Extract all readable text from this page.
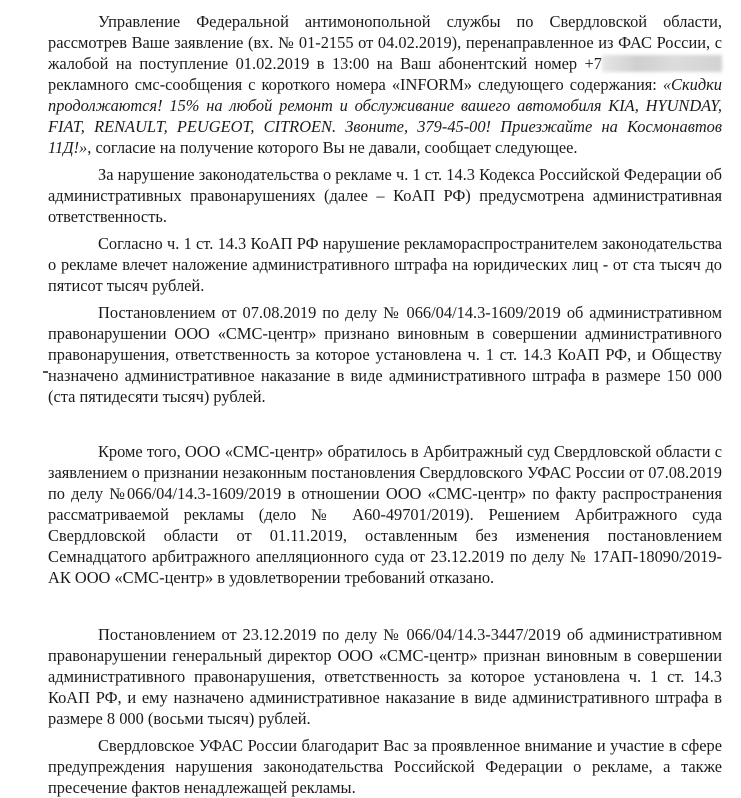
Управление Федеральной антимонопольной службы по Свердловской области, рассмотрев Ваше заявление (вх. № 01-2155 от 04.02.2019), перенаправленное из ФАС России, с жалобой на поступление 01.02.2019 в 13:00 на Ваш абонентский номер +7 рекламного смс-сообщения с короткого номера «INFORM» следующего содержания: «Скидки продолжаются! 15% на любой ремонт и обслуживание вашего автомобиля KIA, HYUNDAY, FIAT, RENAULT, PEUGEOT, CITROEN. Звоните, 379-45-00! Приезжайте на Космонавтов 11Д!», согласие на получение которого Вы не давали, сообщает следующее.

За нарушение законодательства о рекламе ч. 1 ст. 14.3 Кодекса Российской Федерации об административных правонарушениях (далее – КоАП РФ) предусмотрена административная ответственность.

Согласно ч. 1 ст. 14.3 КоАП РФ нарушение рекламораспространителем законодательства о рекламе влечет наложение административного штрафа на юридических лиц - от ста тысяч до пятисот тысяч рублей.

Постановлением от 07.08.2019 по делу № 066/04/14.3-1609/2019 об административном правонарушении ООО «СМС-центр» признано виновным в совершении административного правонарушения, ответственность за которое установлена ч. 1 ст. 14.3 КоАП РФ, и Обществу назначено административное наказание в виде административного штрафа в размере 150 000 (ста пятидесяти тысяч) рублей.

Кроме того, ООО «СМС-центр» обратилось в Арбитражный суд Свердловской области с заявлением о признании незаконным постановления Свердловского УФАС России от 07.08.2019 по делу №066/04/14.3-1609/2019 в отношении ООО «СМС-центр» по факту распространения рассматриваемой рекламы (дело № А60-49701/2019). Решением Арбитражного суда Свердловской области от 01.11.2019, оставленным без изменения постановлением Семнадцатого арбитражного апелляционного суда от 23.12.2019 по делу № 17АП-18090/2019-АК ООО «СМС-центр» в удовлетворении требований отказано.

Постановлением от 23.12.2019 по делу № 066/04/14.3-3447/2019 об административном правонарушении генеральный директор ООО «СМС-центр» признан виновным в совершении административного правонарушения, ответственность за которое установлена ч. 1 ст. 14.3 КоАП РФ, и ему назначено административное наказание в виде административного штрафа в размере 8 000 (восьми тысяч) рублей.

Свердловское УФАС России благодарит Вас за проявленное внимание и участие в сфере предупреждения нарушения законодательства Российской Федерации о рекламе, а также пресечение фактов ненадлежащей рекламы.
